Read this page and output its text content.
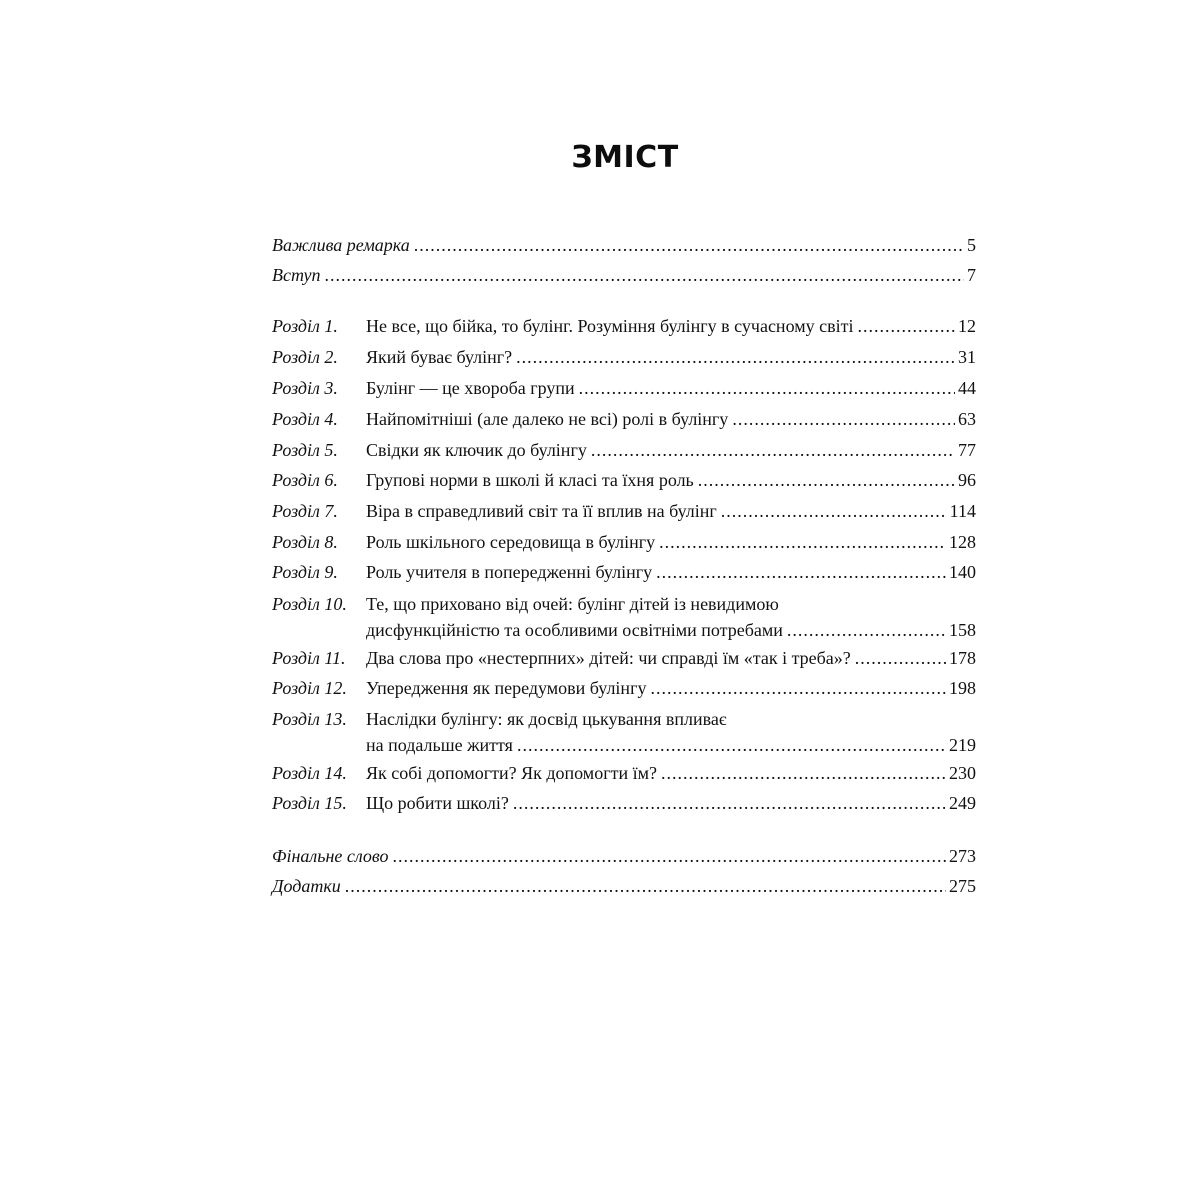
ЗМІСТ
Важлива ремарка .....	5
Вступ .....	7
Розділ 1. Не все, що бійка, то булінг. Розуміння булінгу в сучасному світі .....	12
Розділ 2. Який буває булінг? .....	31
Розділ 3. Булінг — це хвороба групи .....	44
Розділ 4. Найпомітніші (але далеко не всі) ролі в булінгу .....	63
Розділ 5. Свідки як ключик до булінгу .....	77
Розділ 6. Групові норми в школі й класі та їхня роль .....	96
Розділ 7. Віра в справедливий світ та її вплив на булінг .....	114
Розділ 8. Роль шкільного середовища в булінгу .....	128
Розділ 9. Роль учителя в попередженні булінгу .....	140
Розділ 10. Те, що приховано від очей: булінг дітей із невидимою
дисфункційністю та особливими освітніми потребами .....	158
Розділ 11. Два слова про «нестерпних» дітей: чи справді їм «так і треба»? .....	178
Розділ 12. Упередження як передумови булінгу .....	198
Розділ 13. Наслідки булінгу: як досвід цькування впливає
на подальше життя .....	219
Розділ 14. Як собі допомогти? Як допомогти їм? .....	230
Розділ 15. Що робити школі? .....	249
Фінальне слово .....	273
Додатки .....	275
